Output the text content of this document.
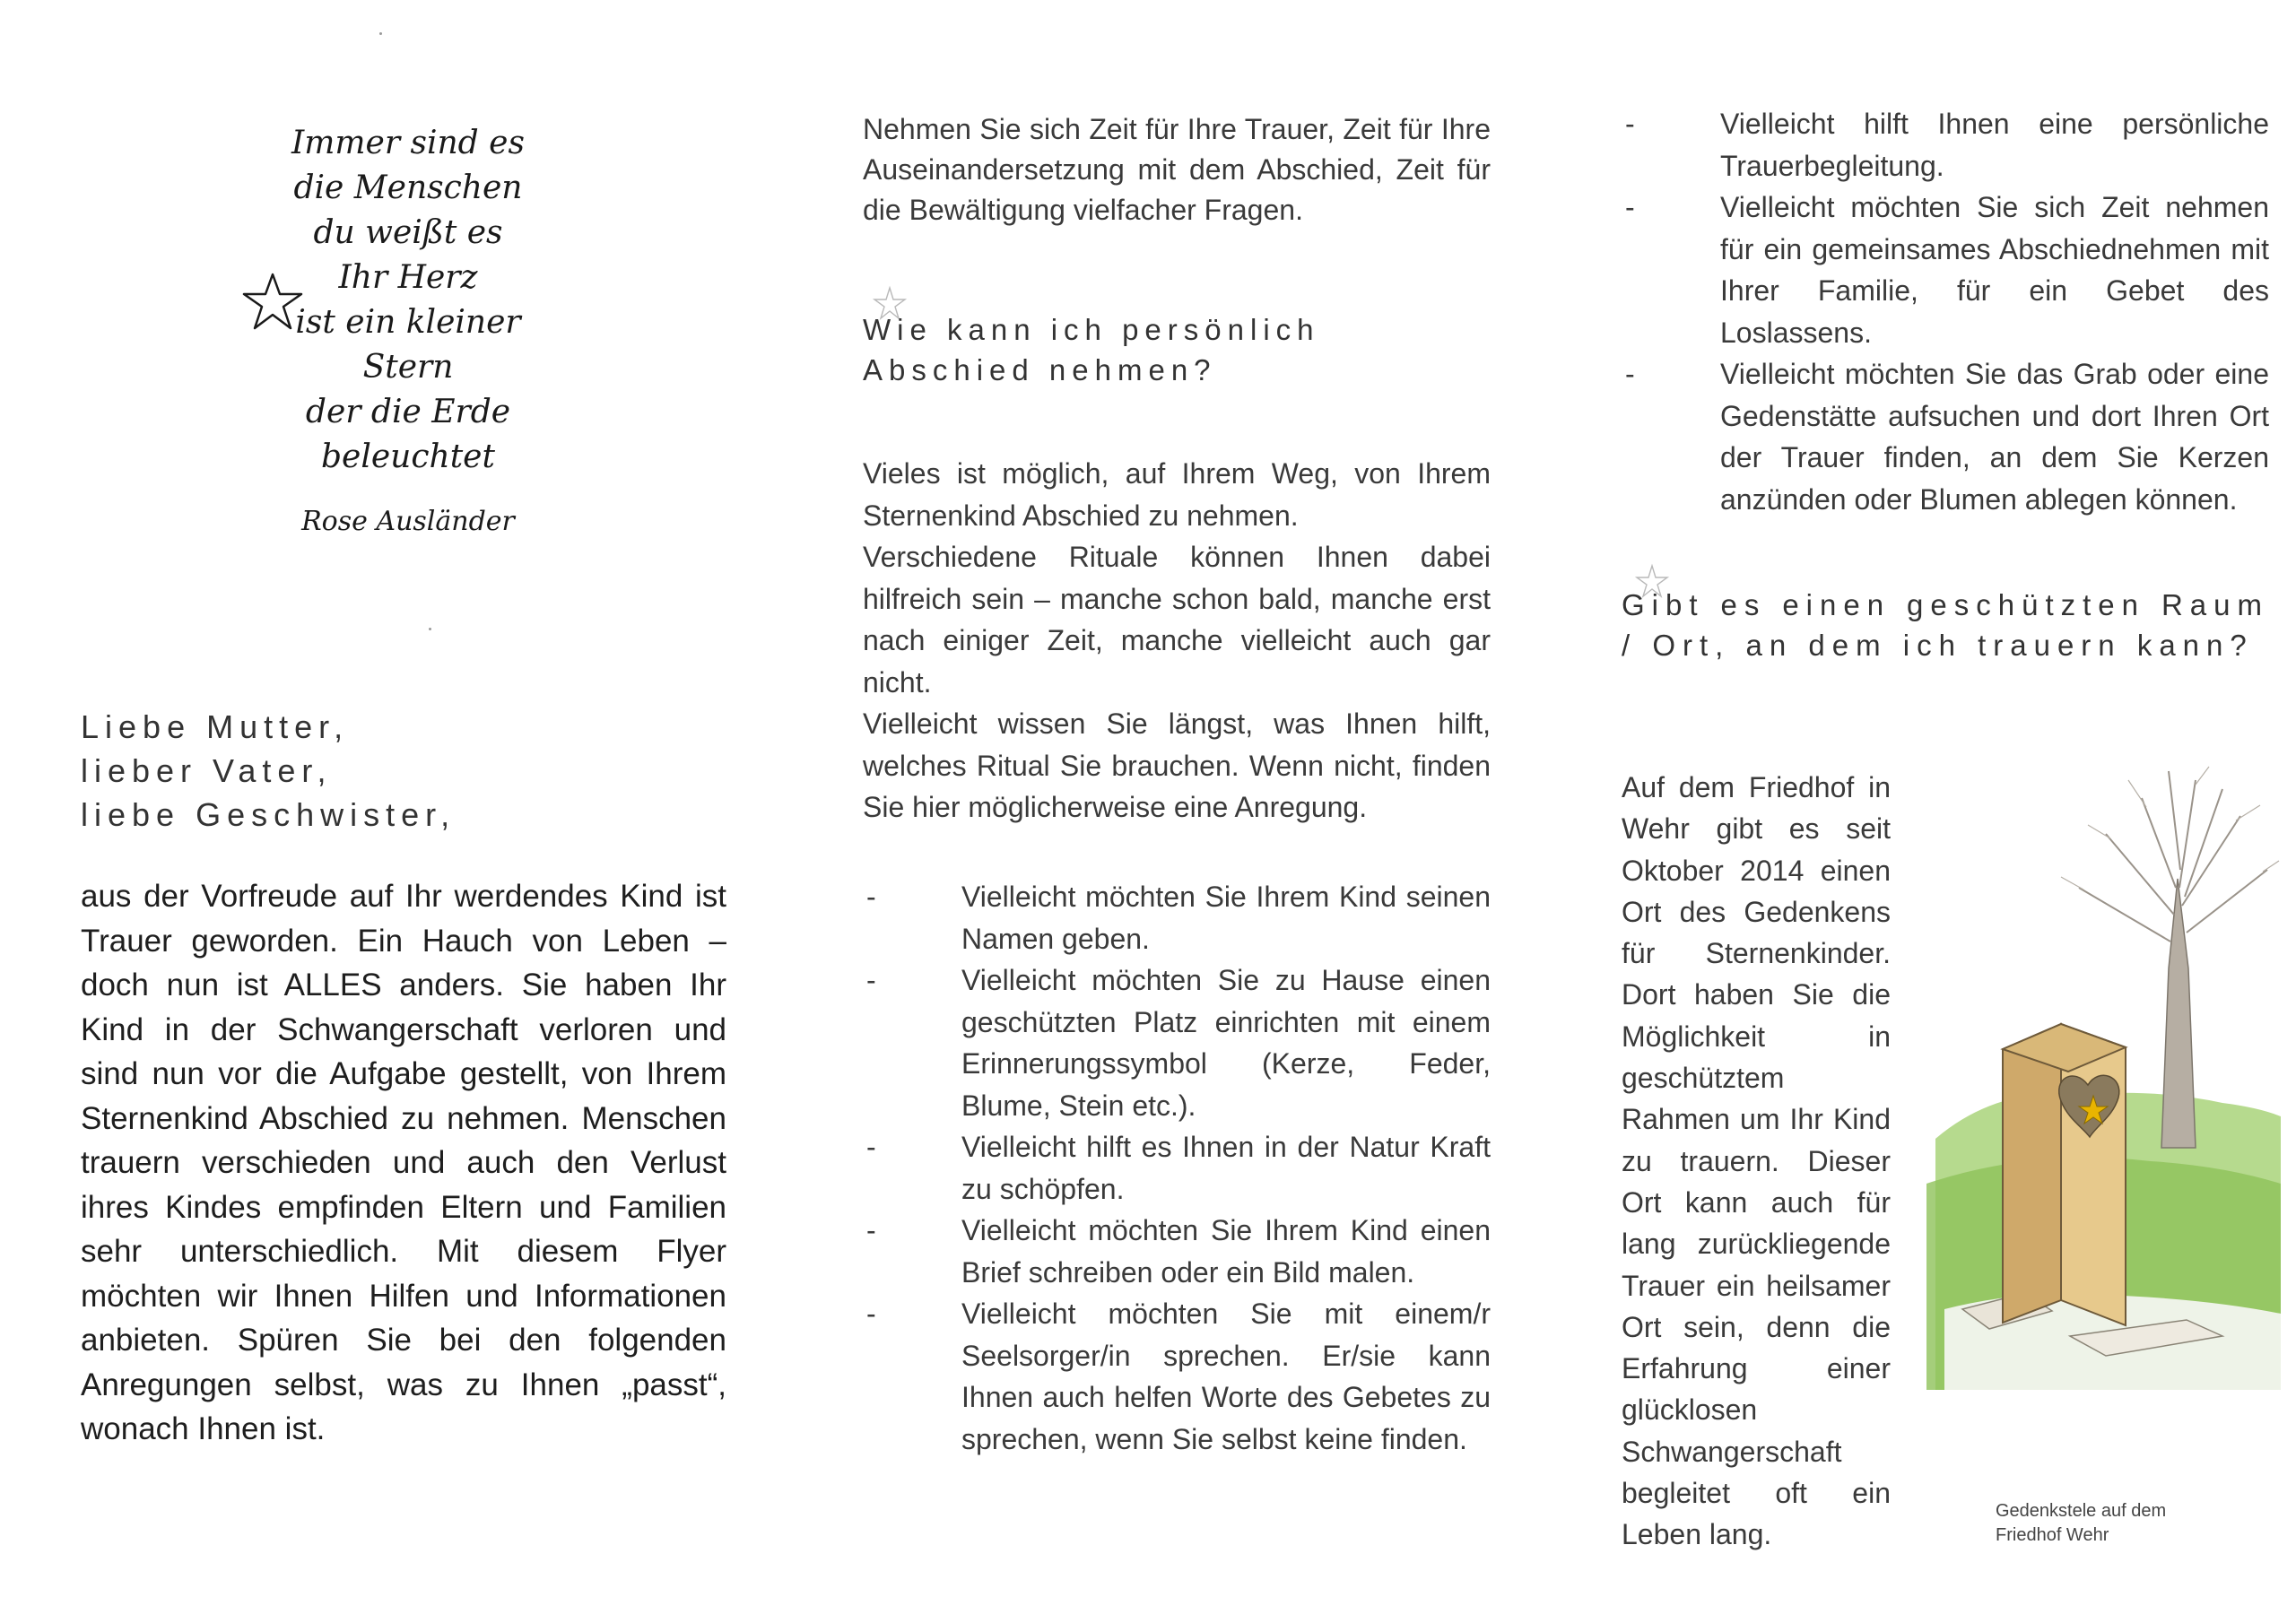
Immer sind es
die Menschen
du weißt es
Ihr Herz
ist ein kleiner
Stern
der die Erde
beleuchtet
Rose Ausländer
Liebe Mutter,
lieber Vater,
liebe Geschwister,
aus der Vorfreude auf Ihr werdendes Kind ist Trauer geworden. Ein Hauch von Leben – doch nun ist ALLES anders. Sie haben Ihr Kind in der Schwangerschaft verloren und sind nun vor die Aufgabe gestellt, von Ihrem Sternenkind Abschied zu nehmen. Menschen trauern verschieden und auch den Verlust ihres Kindes empfinden Eltern und Familien sehr unterschiedlich. Mit diesem Flyer möchten wir Ihnen Hilfen und Informationen anbieten. Spüren Sie bei den folgenden Anregungen selbst, was zu Ihnen „passt“, wonach Ihnen ist.
Nehmen Sie sich Zeit für Ihre Trauer, Zeit für Ihre Auseinandersetzung mit dem Abschied, Zeit für die Bewältigung vielfacher Fragen.
Wie kann ich persönlich Abschied nehmen?
Vieles ist möglich, auf Ihrem Weg, von Ihrem Sternenkind Abschied zu nehmen.
Verschiedene Rituale können Ihnen dabei hilfreich sein – manche schon bald, manche erst nach einiger Zeit, manche vielleicht auch gar nicht.
Vielleicht wissen Sie längst, was Ihnen hilft, welches Ritual Sie brauchen. Wenn nicht, finden Sie hier möglicherweise eine Anregung.
-	Vielleicht möchten Sie Ihrem Kind seinen Namen geben.
-	Vielleicht möchten Sie zu Hause einen geschützten Platz einrichten mit einem Erinnerungssymbol (Kerze, Feder, Blume, Stein etc.).
-	Vielleicht hilft es Ihnen in der Natur Kraft zu schöpfen.
-	Vielleicht möchten Sie Ihrem Kind einen Brief schreiben oder ein Bild malen.
-	Vielleicht möchten Sie mit einem/r Seelsorger/in sprechen. Er/sie kann Ihnen auch helfen Worte des Gebetes zu sprechen, wenn Sie selbst keine finden.
-	Vielleicht hilft Ihnen eine persönliche Trauerbegleitung.
-	Vielleicht möchten Sie sich Zeit nehmen für ein gemeinsames Abschiednehmen mit Ihrer Familie, für ein Gebet des Loslassens.
-	Vielleicht möchten Sie das Grab oder eine Gedenstätte aufsuchen und dort Ihren Ort der Trauer finden, an dem Sie Kerzen anzünden oder Blumen ablegen können.
Gibt es einen geschützten Raum / Ort, an dem ich trauern kann?
Auf dem Friedhof in Wehr gibt es seit Oktober 2014 einen Ort des Gedenkens für Sternenkinder. Dort haben Sie die Möglichkeit in geschütztem Rahmen um Ihr Kind zu trauern. Dieser Ort kann auch für lang zurückliegende Trauer ein heilsamer Ort sein, denn die Erfahrung einer glücklosen Schwangerschaft begleitet oft ein Leben lang.
Gedenkstele auf dem
Friedhof Wehr
